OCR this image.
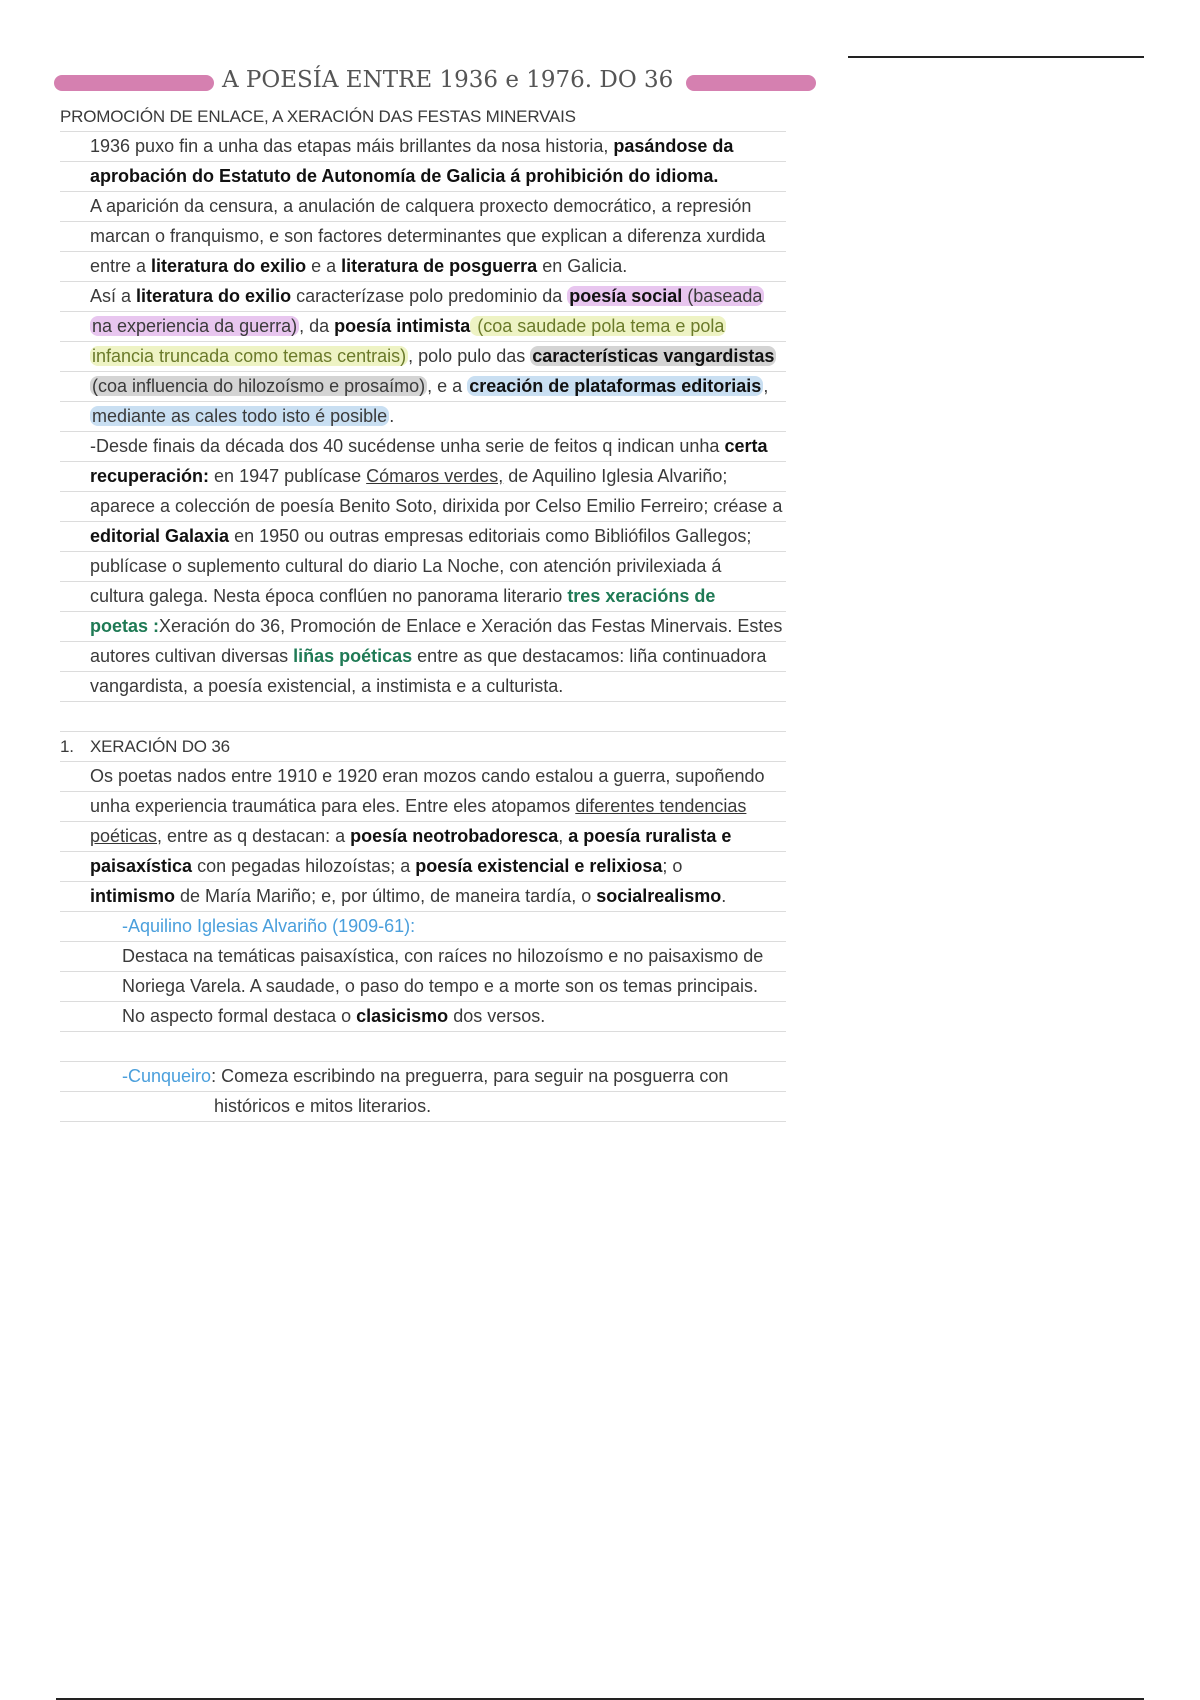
A POESÍA ENTRE 1936 e 1976. DO 36
PROMOCIÓN DE ENLACE, A XERACIÓN DAS FESTAS MINERVAIS
1936 puxo fin a unha das etapas máis brillantes da nosa historia, pasándose da
aprobación do Estatuto de Autonomía de Galicia á prohibición do idioma.
A aparición da censura, a anulación de calquera proxecto democrático, a represión
marcan o franquismo, e son factores determinantes que explican a diferenza xurdida
entre a literatura do exilio e a literatura de posguerra en Galicia.
Así a literatura do exilio caracterízase polo predominio da poesía social (baseada
na experiencia da guerra) , da poesía intimista (coa saudade pola tema e pola
infancia truncada como temas centrais) , polo pulo das características vangardistas
(coa influencia do hilozoísmo e prosaímo) , e a creación de plataformas editoriais ,
mediante as cales todo isto é posible .
-Desde finais da década dos 40 sucédense unha serie de feitos q indican unha certa
recuperación: en 1947 publícase Cómaros verdes, de Aquilino Iglesia Alvariño;
aparece a colección de poesía Benito Soto, dirixida por Celso Emilio Ferreiro; créase a
editorial Galaxia en 1950 ou outras empresas editoriais como Bibliófilos Gallegos;
publícase o suplemento cultural do diario La Noche, con atención privilexiada á
cultura galega. Nesta época conflúen no panorama literario tres xeracións de
poetas :Xeración do 36, Promoción de Enlace e Xeración das Festas Minervais. Estes
autores cultivan diversas liñas poéticas entre as que destacamos: liña continuadora
vangardista, a poesía existencial, a instimista e a culturista.
1. XERACIÓN DO 36
Os poetas nados entre 1910 e 1920 eran mozos cando estalou a guerra, supoñendo
unha experiencia traumática para eles. Entre eles atopamos diferentes tendencias
poéticas, entre as q destacan: a poesía neotrobadoresca, a poesía ruralista e
paisaxística con pegadas hilozoístas; a poesía existencial e relixiosa; o
intimismo de María Mariño; e, por último, de maneira tardía, o socialrealismo.
-Aquilino Iglesias Alvariño (1909-61):
Destaca na temáticas paisaxística, con raíces no hilozoísmo e no paisaxismo de
Noriega Varela. A saudade, o paso do tempo e a morte son os temas principais.
No aspecto formal destaca o clasicismo dos versos.
-Cunqueiro: Comeza escribindo na preguerra, para seguir na posguerra con
históricos e mitos literarios.
